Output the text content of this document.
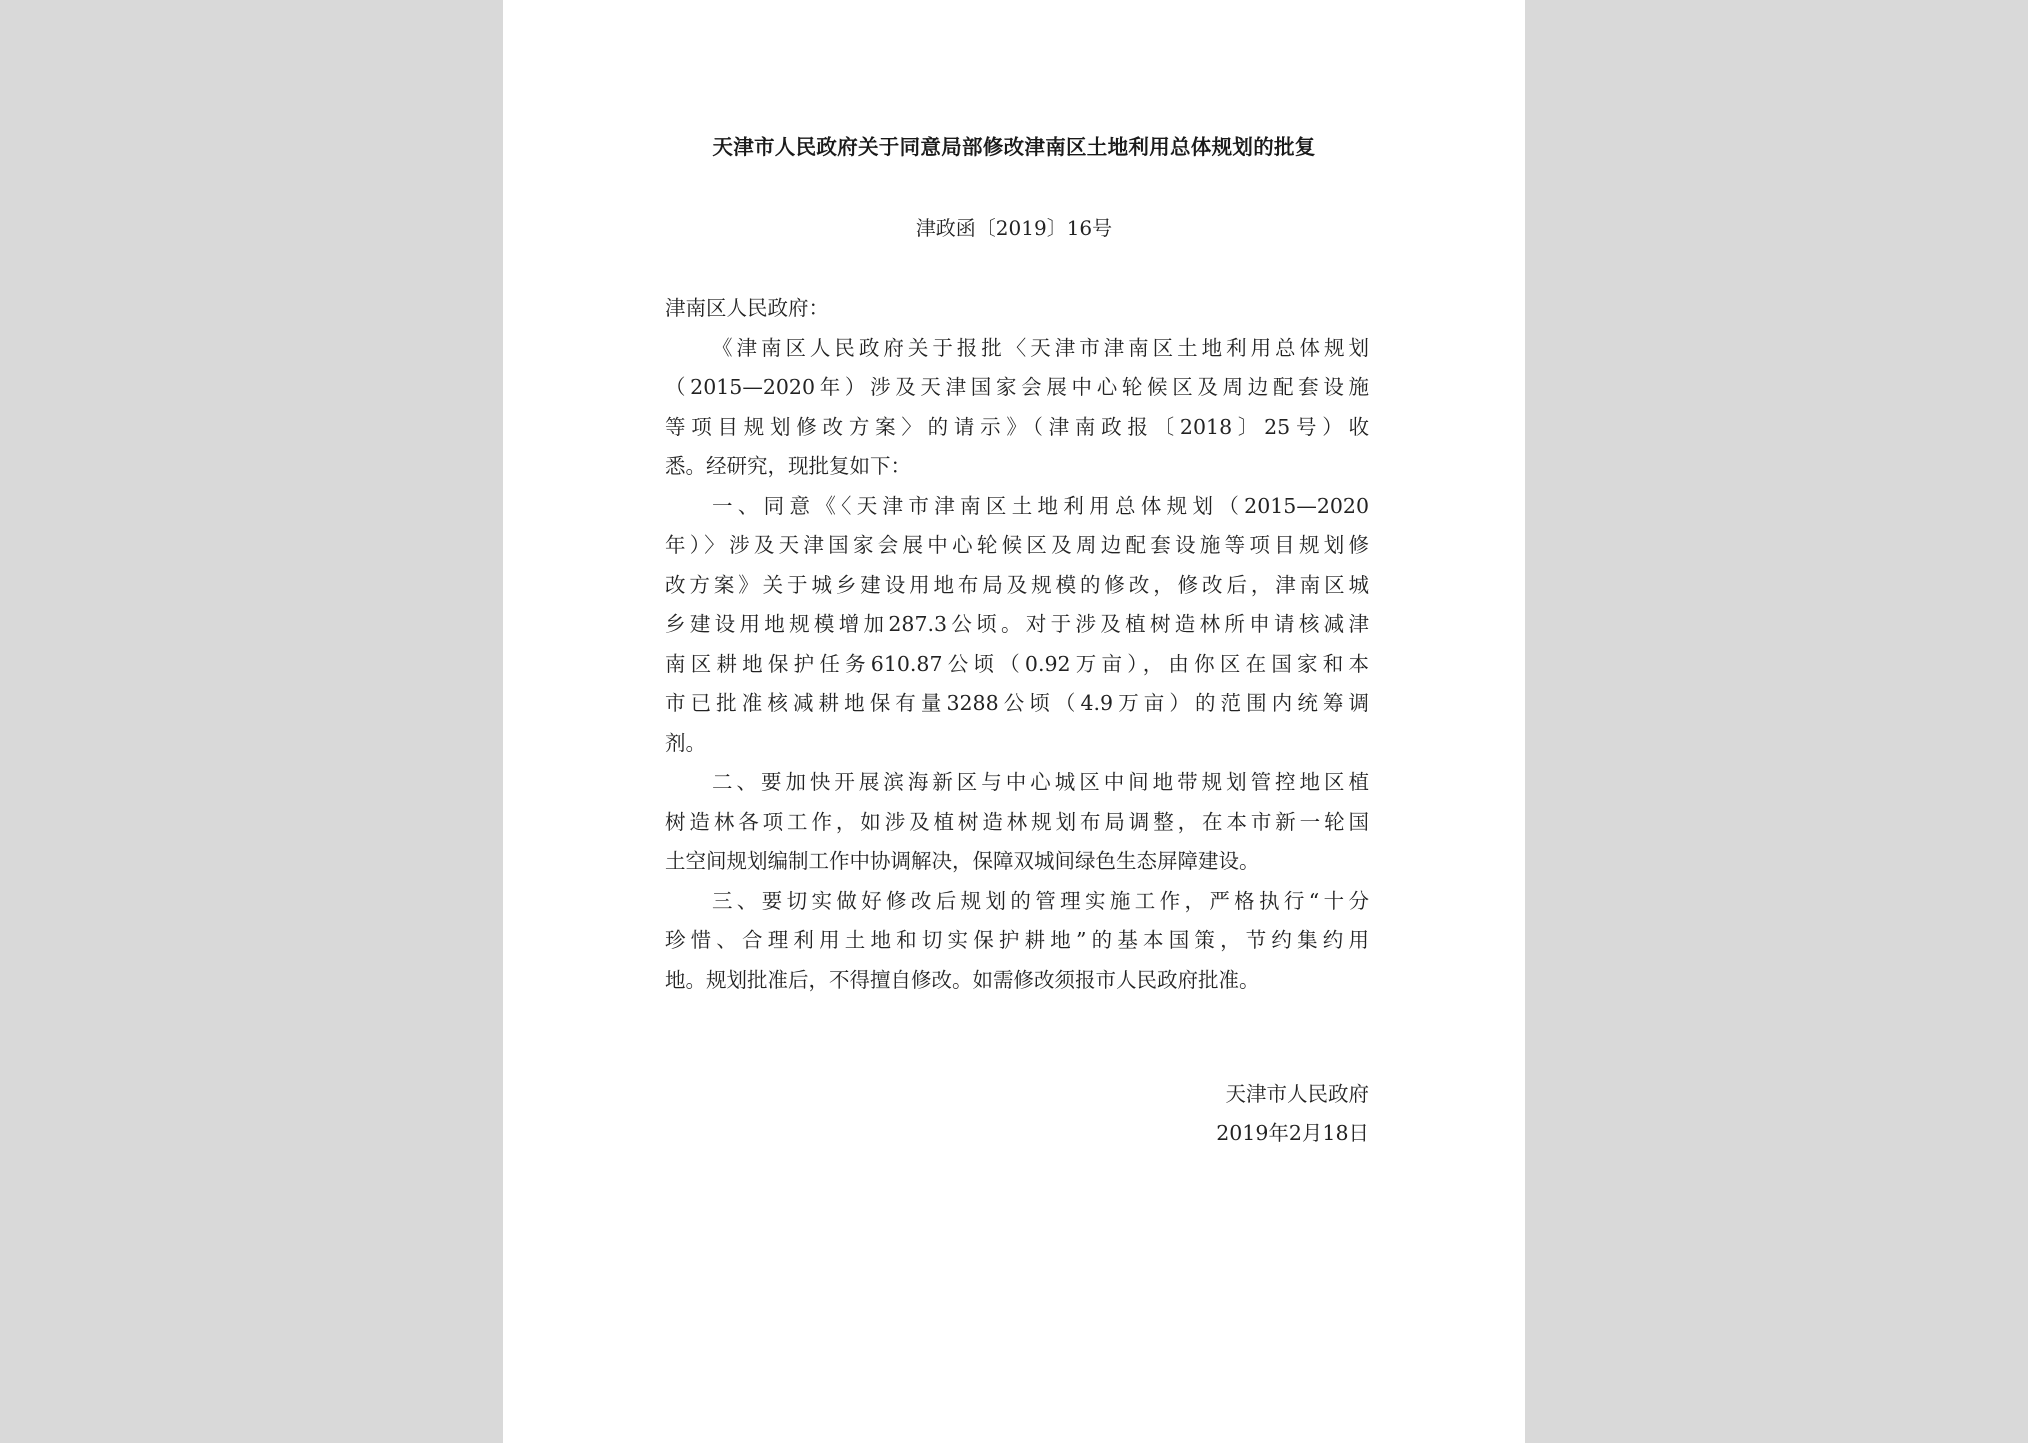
天津市人民政府关于同意局部修改津南区土地利用总体规划的批复
津政函〔2019〕16号
津南区人民政府：
《津南区人民政府关于报批〈天津市津南区土地利用总体规划
（2015—2020年）涉及天津国家会展中心轮候区及周边配套设施
等项目规划修改方案〉的请示》（津南政报〔2018〕25号）收
悉。经研究，现批复如下：
一、同意《〈天津市津南区土地利用总体规划（2015—2020
年）〉涉及天津国家会展中心轮候区及周边配套设施等项目规划修
改方案》关于城乡建设用地布局及规模的修改，修改后，津南区城
乡建设用地规模增加287.3公顷。对于涉及植树造林所申请核减津
南区耕地保护任务610.87公顷（0.92万亩），由你区在国家和本
市已批准核减耕地保有量3288公顷（4.9万亩）的范围内统筹调
剂。
二、要加快开展滨海新区与中心城区中间地带规划管控地区植
树造林各项工作，如涉及植树造林规划布局调整，在本市新一轮国
土空间规划编制工作中协调解决，保障双城间绿色生态屏障建设。
三、要切实做好修改后规划的管理实施工作，严格执行“十分
珍惜、合理利用土地和切实保护耕地”的基本国策，节约集约用
地。规划批准后，不得擅自修改。如需修改须报市人民政府批准。
天津市人民政府
2019年2月18日
